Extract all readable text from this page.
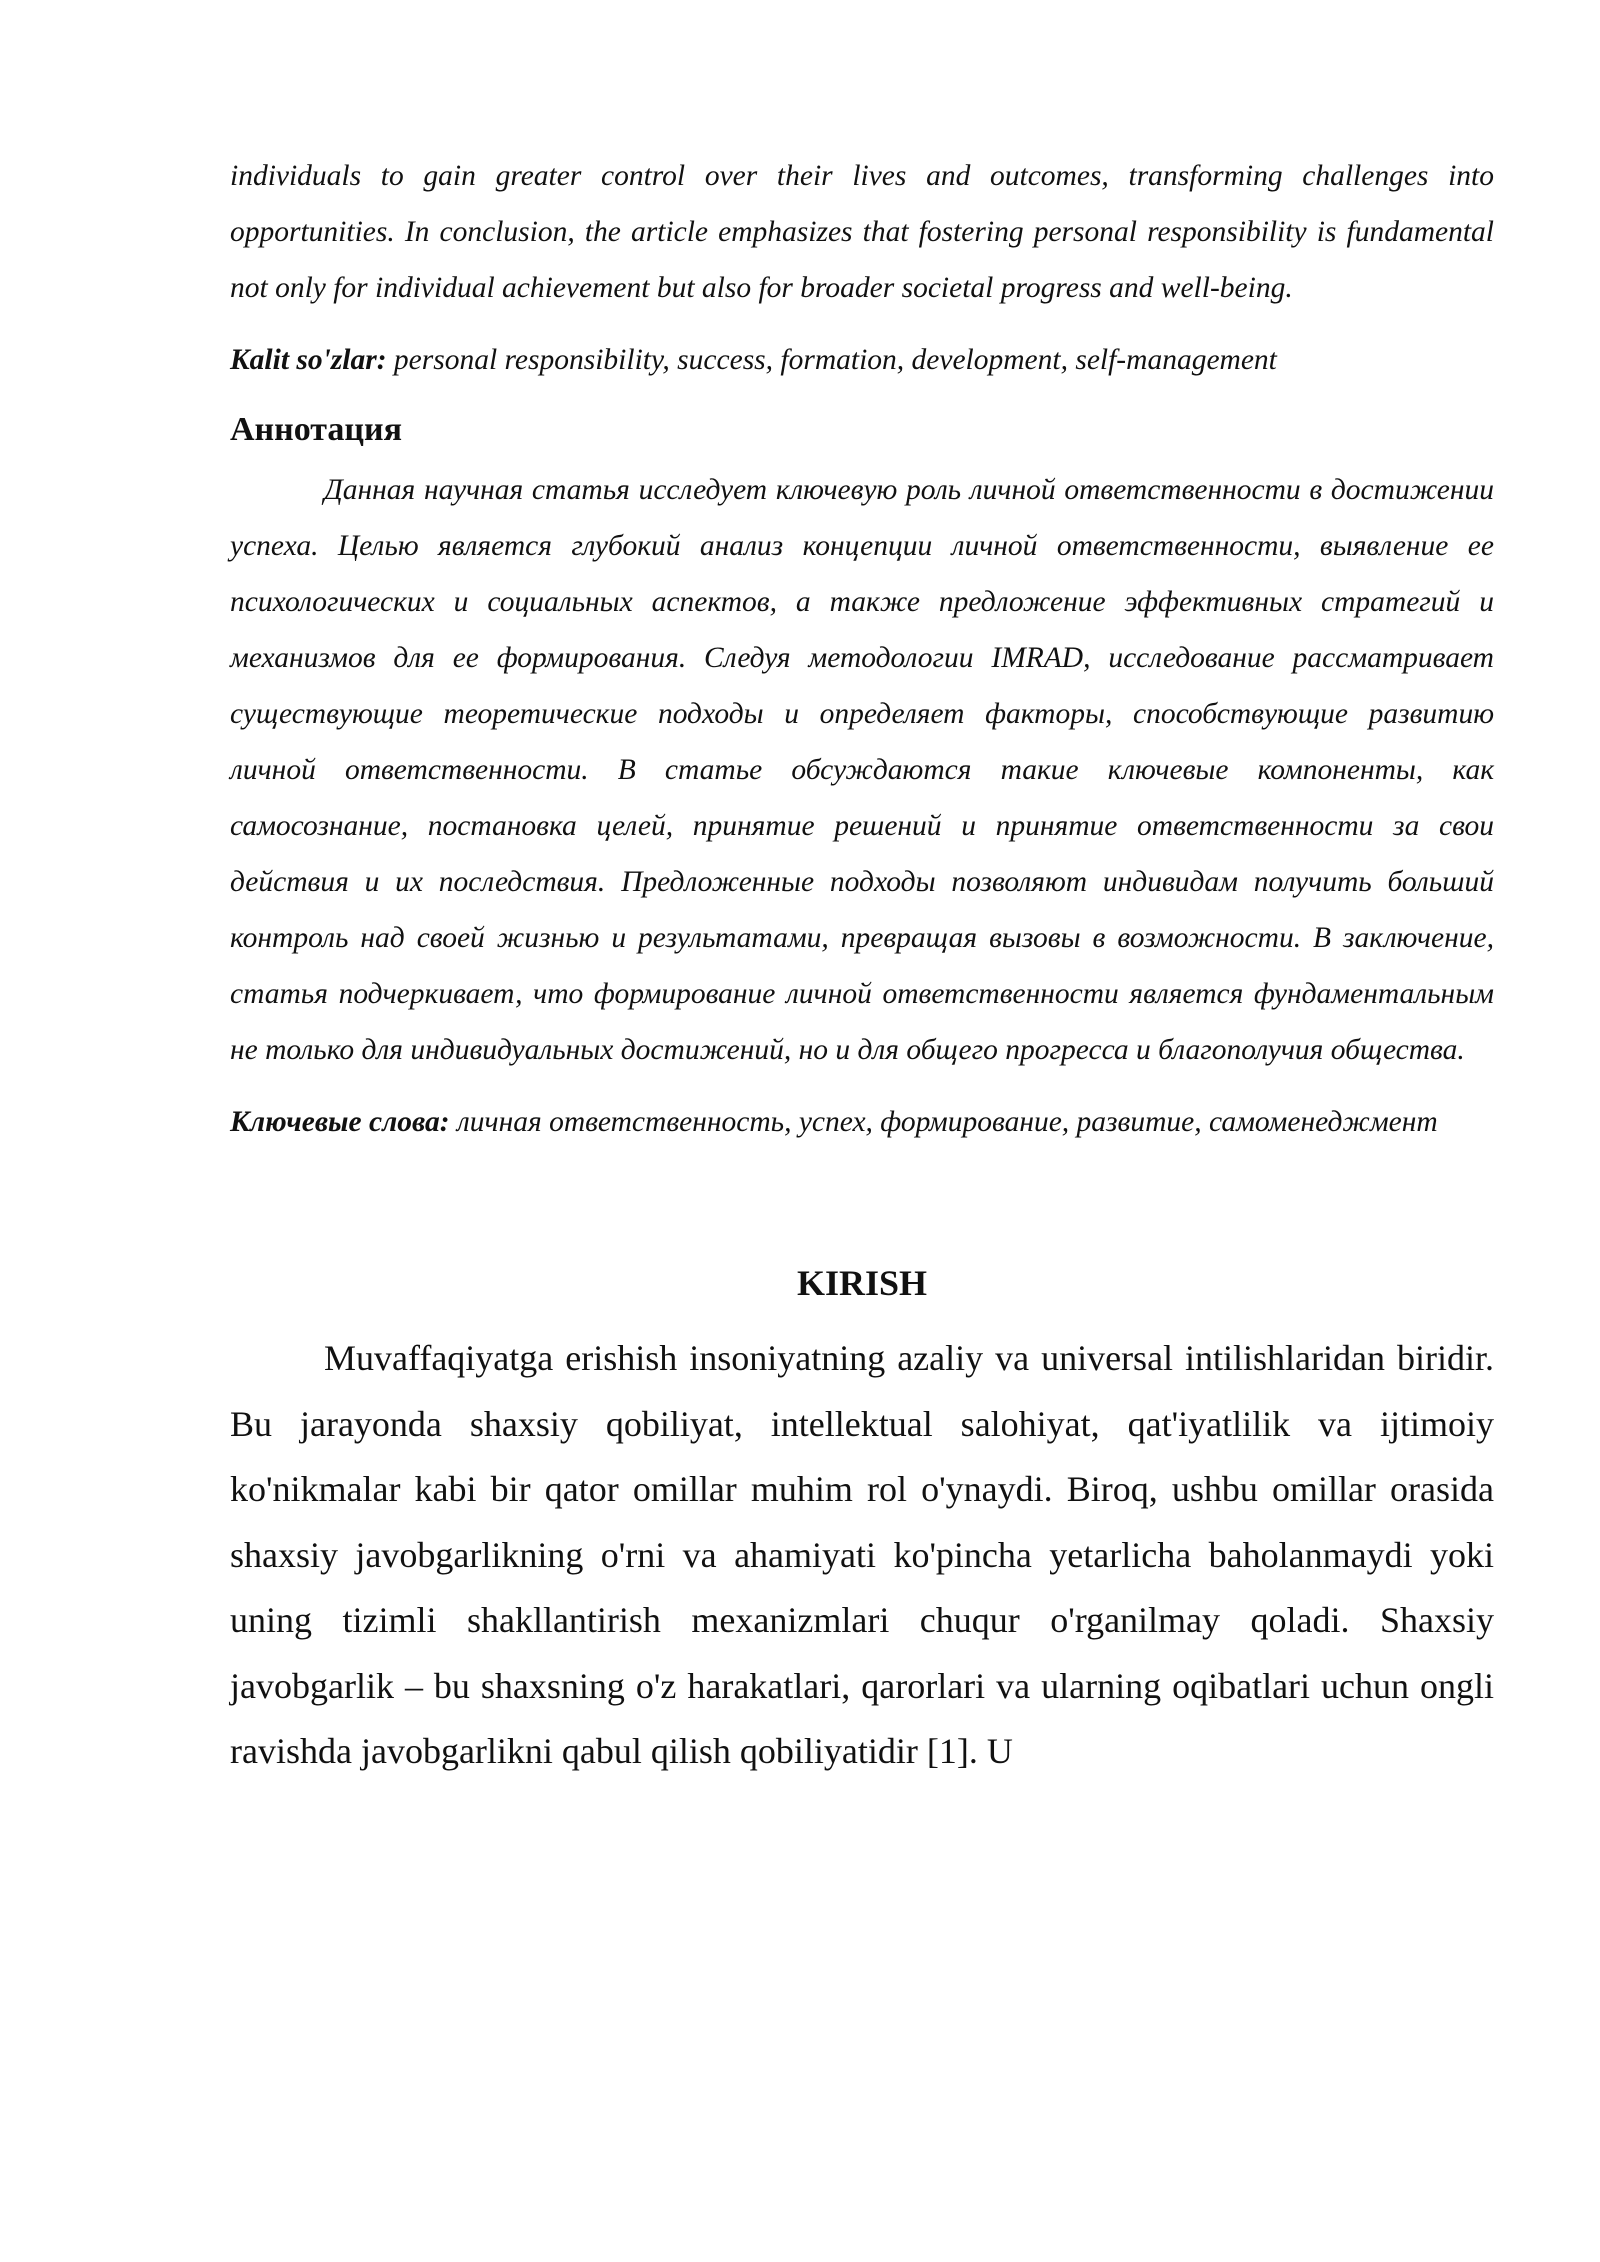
individuals to gain greater control over their lives and outcomes, transforming challenges into opportunities. In conclusion, the article emphasizes that fostering personal responsibility is fundamental not only for individual achievement but also for broader societal progress and well-being.

Kalit so'zlar: personal responsibility, success, formation, development, self-management

Аннотация

Данная научная статья исследует ключевую роль личной ответственности в достижении успеха. Целью является глубокий анализ концепции личной ответственности, выявление ее психологических и социальных аспектов, а также предложение эффективных стратегий и механизмов для ее формирования. Следуя методологии IMRAD, исследование рассматривает существующие теоретические подходы и определяет факторы, способствующие развитию личной ответственности. В статье обсуждаются такие ключевые компоненты, как самосознание, постановка целей, принятие решений и принятие ответственности за свои действия и их последствия. Предложенные подходы позволяют индивидам получить больший контроль над своей жизнью и результатами, превращая вызовы в возможности. В заключение, статья подчеркивает, что формирование личной ответственности является фундаментальным не только для индивидуальных достижений, но и для общего прогресса и благополучия общества.

Ключевые слова: личная ответственность, успех, формирование, развитие, самоменеджмент

KIRISH

Muvaffaqiyatga erishish insoniyatning azaliy va universal intilishlaridan biridir. Bu jarayonda shaxsiy qobiliyat, intellektual salohiyat, qat'iyatlilik va ijtimoiy ko'nikmalar kabi bir qator omillar muhim rol o'ynaydi. Biroq, ushbu omillar orasida shaxsiy javobgarlikning o'rni va ahamiyati ko'pincha yetarlicha baholanmaydi yoki uning tizimli shakllantirish mexanizmlari chuqur o'rganilmay qoladi. Shaxsiy javobgarlik – bu shaxsning o'z harakatlari, qarorlari va ularning oqibatlari uchun ongli ravishda javobgarlikni qabul qilish qobiliyatidir [1]. U
